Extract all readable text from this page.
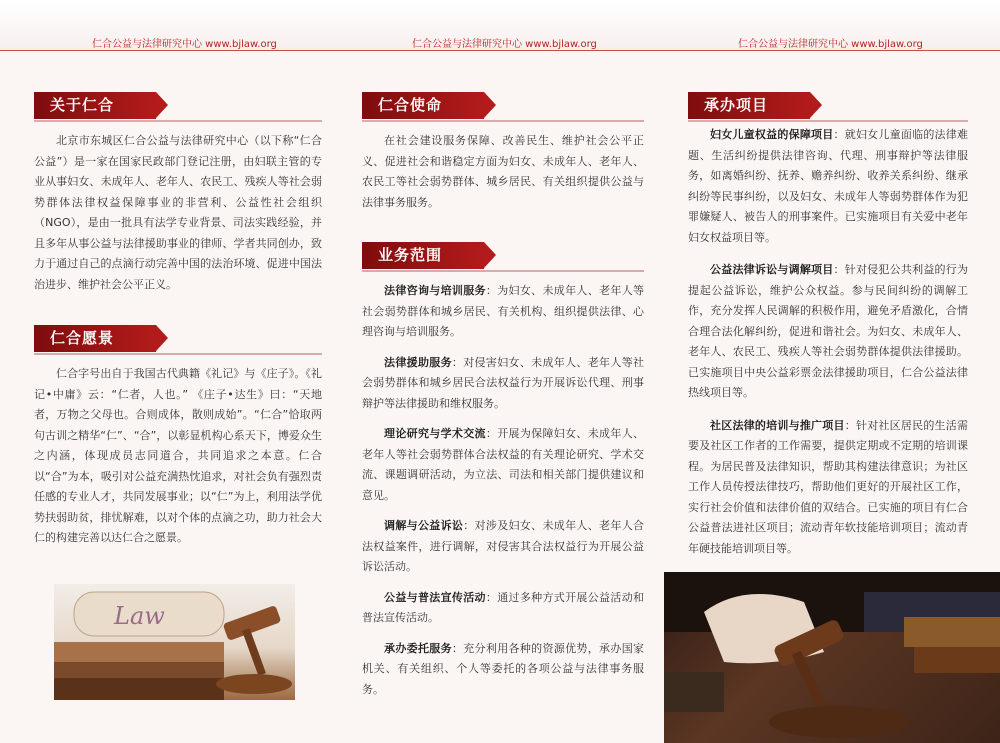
仁合公益与法律研究中心 www.bjlaw.org	仁合公益与法律研究中心 www.bjlaw.org	仁合公益与法律研究中心 www.bjlaw.org
关于仁合
北京市东城区仁合公益与法律研究中心（以下称“仁合公益”）是一家在国家民政部门登记注册，由妇联主管的专业从事妇女、未成年人、老年人、农民工、残疾人等社会弱势群体法律权益保障事业的非营利、公益性社会组织（NGO），是由一批具有法学专业背景、司法实践经验，并且多年从事公益与法律援助事业的律师、学者共同创办，致力于通过自己的点滴行动完善中国的法治环境、促进中国法治进步、维护社会公平正义。
仁合愿景
仁合字号出自于我国古代典籍《礼记》与《庄子》。《礼记•中庸》云：“仁者，人也。” 《庄子•达生》曰：“天地者，万物之父母也。合则成体，散则成始”。“仁合”恰取两句古训之精华“仁”、“合”，以彰显机构心系天下，博爱众生之内涵，体现成员志同道合，共同追求之本意。仁合以“合”为本，吸引对公益充满热忱追求，对社会负有强烈责任感的专业人才，共同发展事业；以“仁”为上，利用法学优势扶弱助贫，排忧解难，以对个体的点滴之功，助力社会大仁的构建完善以达仁合之愿景。
Law
仁合使命
在社会建设服务保障、改善民生、维护社会公平正义、促进社会和谐稳定方面为妇女、未成年人、老年人、农民工等社会弱势群体、城乡居民、有关组织提供公益与法律事务服务。
业务范围
法律咨询与培训服务：为妇女、未成年人、老年人等社会弱势群体和城乡居民、有关机构、组织提供法律、心理咨询与培训服务。
法律援助服务：对侵害妇女、未成年人、老年人等社会弱势群体和城乡居民合法权益行为开展诉讼代理、刑事辩护等法律援助和维权服务。
理论研究与学术交流：开展为保障妇女、未成年人、老年人等社会弱势群体合法权益的有关理论研究、学术交流、课题调研活动，为立法、司法和相关部门提供建议和意见。
调解与公益诉讼：对涉及妇女、未成年人、老年人合法权益案件，进行调解，对侵害其合法权益行为开展公益诉讼活动。
公益与普法宣传活动：通过多种方式开展公益活动和普法宣传活动。
承办委托服务：充分利用各种的资源优势，承办国家机关、有关组织、个人等委托的各项公益与法律事务服务。
承办项目
妇女儿童权益的保障项目：就妇女儿童面临的法律难题、生活纠纷提供法律咨询、代理、刑事辩护等法律服务，如离婚纠纷、抚养、赡养纠纷、收养关系纠纷、继承纠纷等民事纠纷，以及妇女、未成年人等弱势群体作为犯罪嫌疑人、被告人的刑事案件。已实施项目有关爱中老年妇女权益项目等。
公益法律诉讼与调解项目：针对侵犯公共利益的行为提起公益诉讼，维护公众权益。参与民间纠纷的调解工作，充分发挥人民调解的积极作用，避免矛盾激化，合情合理合法化解纠纷，促进和谐社会。为妇女、未成年人、老年人、农民工、残疾人等社会弱势群体提供法律援助。已实施项目中央公益彩票金法律援助项目，仁合公益法律热线项目等。
社区法律的培训与推广项目：针对社区居民的生活需要及社区工作者的工作需要，提供定期或不定期的培训课程。为居民普及法律知识，帮助其构建法律意识；为社区工作人员传授法律技巧，帮助他们更好的开展社区工作，实行社会价值和法律价值的双结合。已实施的项目有仁合公益普法进社区项目；流动青年软技能培训项目；流动青年硬技能培训项目等。
